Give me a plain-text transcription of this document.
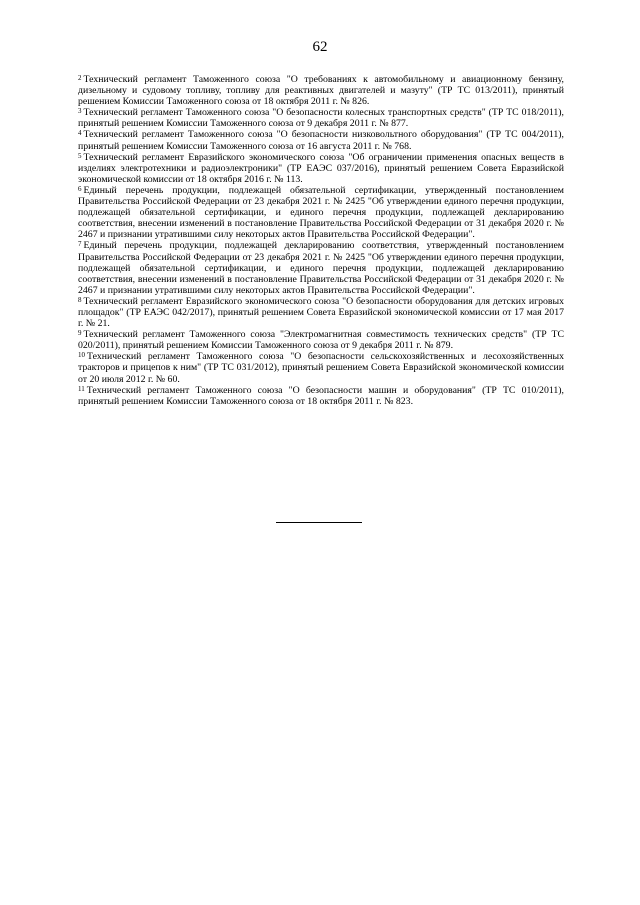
62

$^2$ Технический регламент Таможенного союза "О требованиях к автомобильному и авиационному бензину, дизельному и судовому топливу, топливу для реактивных двигателей и мазуту" (ТР ТС 013/2011), принятый решением Комиссии Таможенного союза от 18 октября 2011 г. № 826.

$^3$ Технический регламент Таможенного союза "О безопасности колесных транспортных средств" (ТР ТС 018/2011), принятый решением Комиссии Таможенного союза от 9 декабря 2011 г. № 877.

$^4$ Технический регламент Таможенного союза "О безопасности низковольтного оборудования" (ТР ТС 004/2011), принятый решением Комиссии Таможенного союза от 16 августа 2011 г. № 768.

$^5$ Технический регламент Евразийского экономического союза "Об ограничении применения опасных веществ в изделиях электротехники и радиоэлектроники" (ТР ЕАЭС 037/2016), принятый решением Совета Евразийской экономической комиссии от 18 октября 2016 г. № 113.

$^6$ Единый перечень продукции, подлежащей обязательной сертификации, утвержденный постановлением Правительства Российской Федерации от 23 декабря 2021 г. № 2425 "Об утверждении единого перечня продукции, подлежащей обязательной сертификации, и единого перечня продукции, подлежащей декларированию соответствия, внесении изменений в постановление Правительства Российской Федерации от 31 декабря 2020 г. № 2467 и признании утратившими силу некоторых актов Правительства Российской Федерации".

$^7$ Единый перечень продукции, подлежащей декларированию соответствия, утвержденный постановлением Правительства Российской Федерации от 23 декабря 2021 г. № 2425 "Об утверждении единого перечня продукции, подлежащей обязательной сертификации, и единого перечня продукции, подлежащей декларированию соответствия, внесении изменений в постановление Правительства Российской Федерации от 31 декабря 2020 г. № 2467 и признании утратившими силу некоторых актов Правительства Российской Федерации".

$^8$ Технический регламент Евразийского экономического союза "О безопасности оборудования для детских игровых площадок" (ТР ЕАЭС 042/2017), принятый решением Совета Евразийской экономической комиссии от 17 мая 2017 г. № 21.

$^9$ Технический регламент Таможенного союза "Электромагнитная совместимость технических средств" (ТР ТС 020/2011), принятый решением Комиссии Таможенного союза от 9 декабря 2011 г. № 879.

$^{10}$ Технический регламент Таможенного союза "О безопасности сельскохозяйственных и лесохозяйственных тракторов и прицепов к ним" (ТР ТС 031/2012), принятый решением Совета Евразийской экономической комиссии от 20 июля 2012 г. № 60.

$^{11}$ Технический регламент Таможенного союза "О безопасности машин и оборудования" (ТР ТС 010/2011), принятый решением Комиссии Таможенного союза от 18 октября 2011 г. № 823.
